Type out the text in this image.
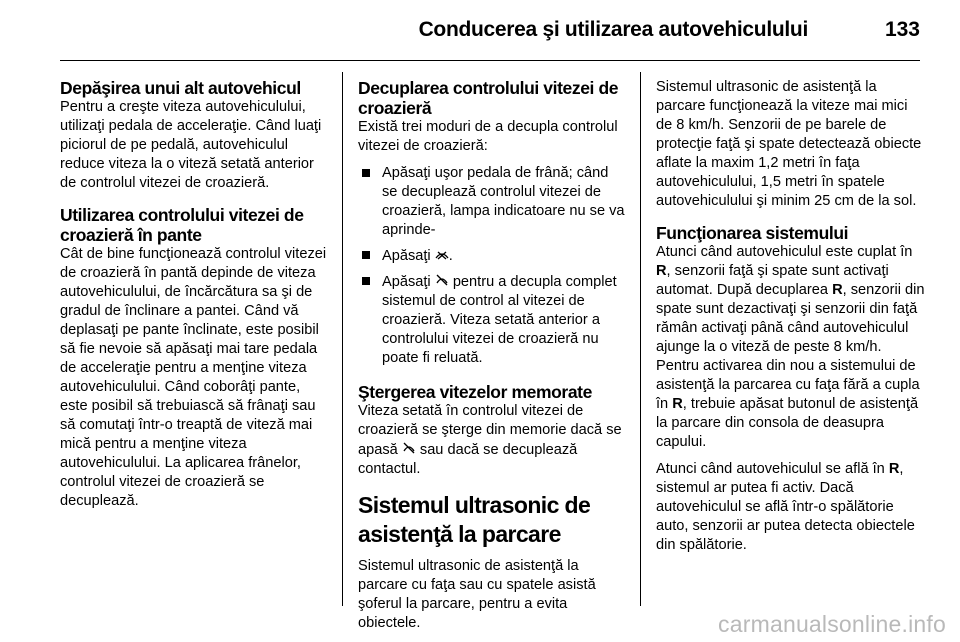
Conducerea şi utilizarea autovehiculului	133
Depăşirea unui alt autovehicul

Pentru a creşte viteza autovehiculului, utilizaţi pedala de acceleraţie. Când luaţi piciorul de pe pedală, autovehiculul reduce viteza la o viteză setată anterior de controlul vitezei de croazieră.

Utilizarea controlului vitezei de croazieră în pante

Cât de bine funcţionează controlul vitezei de croazieră în pantă depinde de viteza autovehiculului, de încărcătura sa şi de gradul de înclinare a pantei. Când vă deplasaţi pe pante înclinate, este posibil să fie nevoie să apăsaţi mai tare pedala de acceleraţie pentru a menţine viteza autovehiculului. Când coborâţi pante, este posibil să trebuiască să frânaţi sau să comutaţi într-o treaptă de viteză mai mică pentru a menţine viteza autovehiculului. La aplicarea frânelor, controlul vitezei de croazieră se decuplează.

Decuplarea controlului vitezei de croazieră

Există trei moduri de a decupla controlul vitezei de croazieră:

Apăsaţi uşor pedala de frână; când se decuplează controlul vitezei de croazieră, lampa indicatoare nu se va aprinde-
Apăsaţi .
Apăsaţi pentru a decupla complet sistemul de control al vitezei de croazieră. Viteza setată anterior a controlului vitezei de croazieră nu poate fi reluată.
Ştergerea vitezelor memorate

Viteza setată în controlul vitezei de croazieră se şterge din memorie dacă se apasă sau dacă se decuplează contactul.

Sistemul ultrasonic de asistenţă la parcare

Sistemul ultrasonic de asistenţă la parcare cu faţa sau cu spatele asistă şoferul la parcare, pentru a evita obiectele.

Sistemul ultrasonic de asistenţă la parcare funcţionează la viteze mai mici de 8 km/h. Senzorii de pe barele de protecţie faţă şi spate detectează obiecte aflate la maxim 1,2 metri în faţa autovehiculului, 1,5 metri în spatele autovehiculului şi minim 25 cm de la sol.

Funcţionarea sistemului

Atunci când autovehiculul este cuplat în R, senzorii faţă şi spate sunt activaţi automat. După decuplarea R, senzorii din spate sunt dezactivaţi şi senzorii din faţă rămân activaţi până când autovehiculul ajunge la o viteză de peste 8 km/h. Pentru activarea din nou a sistemului de asistenţă la parcarea cu faţa fără a cupla în R, trebuie apăsat butonul de asistenţă la parcare din consola de deasupra capului.

Atunci când autovehiculul se află în R, sistemul ar putea fi activ. Dacă autovehiculul se află într-o spălătorie auto, senzorii ar putea detecta obiectele din spălătorie.

carmanualsonline.info
